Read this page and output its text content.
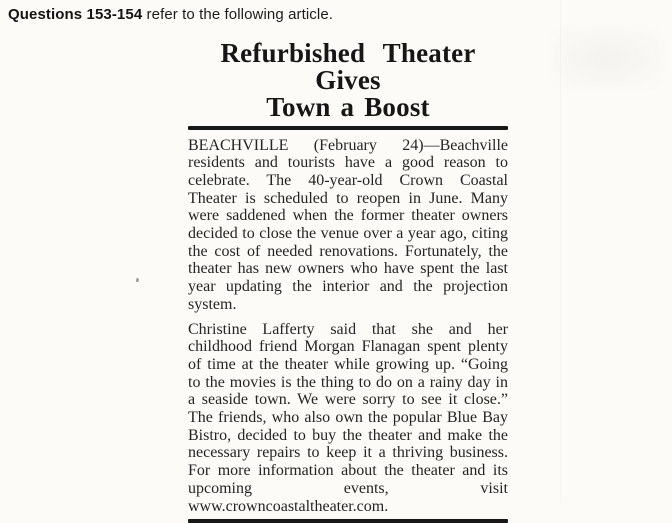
Questions 153-154 refer to the following article.
Refurbished Theater Gives
Town a Boost

BEACHVILLE (February 24)—Beachville residents and tourists have a good reason to celebrate. The 40-year-old Crown Coastal Theater is scheduled to reopen in June. Many were saddened when the former theater owners decided to close the venue over a year ago, citing the cost of needed renovations. Fortunately, the theater has new owners who have spent the last year updating the interior and the projection system.

Christine Lafferty said that she and her childhood friend Morgan Flanagan spent plenty of time at the theater while growing up. “Going to the movies is the thing to do on a rainy day in a seaside town. We were sorry to see it close.” The friends, who also own the popular Blue Bay Bistro, decided to buy the theater and make the necessary repairs to keep it a thriving business. For more information about the theater and its upcoming events, visit www.crowncoastaltheater.com.
